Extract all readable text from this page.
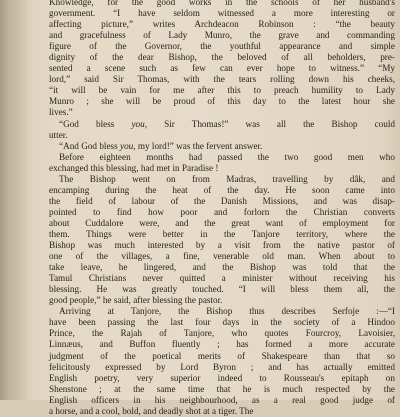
Knowledge, for the good works in the schools of her husband's
government. “I have seldom witnessed a more interesting or
affecting picture,” writes Archdeacon Robinson : “the beauty
and gracefulness of Lady Munro, the grave and commanding
figure of the Governor, the youthful appearance and simple
dignity of the dear Bishop, the beloved of all beholders, pre-
sented a scene such as few can ever hope to witness.” “My
lord,” said Sir Thomas, with the tears rolling down his cheeks,
“it will be vain for me after this to preach humility to Lady
Munro ; she will be proud of this day to the latest hour she
lives.”
“God bless you, Sir Thomas!” was all the Bishop could
utter.
“And God bless you, my lord!” was the fervent answer.
Before eighteen months had passed the two good men who
exchanged this blessing, had met in Paradise !
The Bishop went on from Madras, travelling by dâk, and
encamping during the heat of the day. He soon came into
the field of labour of the Danish Missions, and was disap-
pointed to find how poor and forlorn the Christian converts
about Cuddalore were, and the great want of employment for
them. Things were better in the Tanjore territory, where the
Bishop was much interested by a visit from the native pastor of
one of the villages, a fine, venerable old man. When about to
take leave, he lingered, and the Bishop was told that the
Tamul Christians never quitted a minister without receiving his
blessing. He was greatly touched. “I will bless them all, the
good people,” he said, after blessing the pastor.
Arriving at Tanjore, the Bishop thus describes Serfoje :—“I
have been passing the last four days in the society of a Hindoo
Prince, the Rajah of Tanjore, who quotes Fourcroy, Lavoisier,
Linnæus, and Buffon fluently ; has formed a more accurate
judgment of the poetical merits of Shakespeare than that so
felicitously expressed by Lord Byron ; and has actually emitted
English poetry, very superior indeed to Rousseau's epitaph on
Shenstone ; at the same time that he is much respected by the
English officers in his neighbourhood, as a real good judge of
a horse, and a cool, bold, and deadly shot at a tiger. The
